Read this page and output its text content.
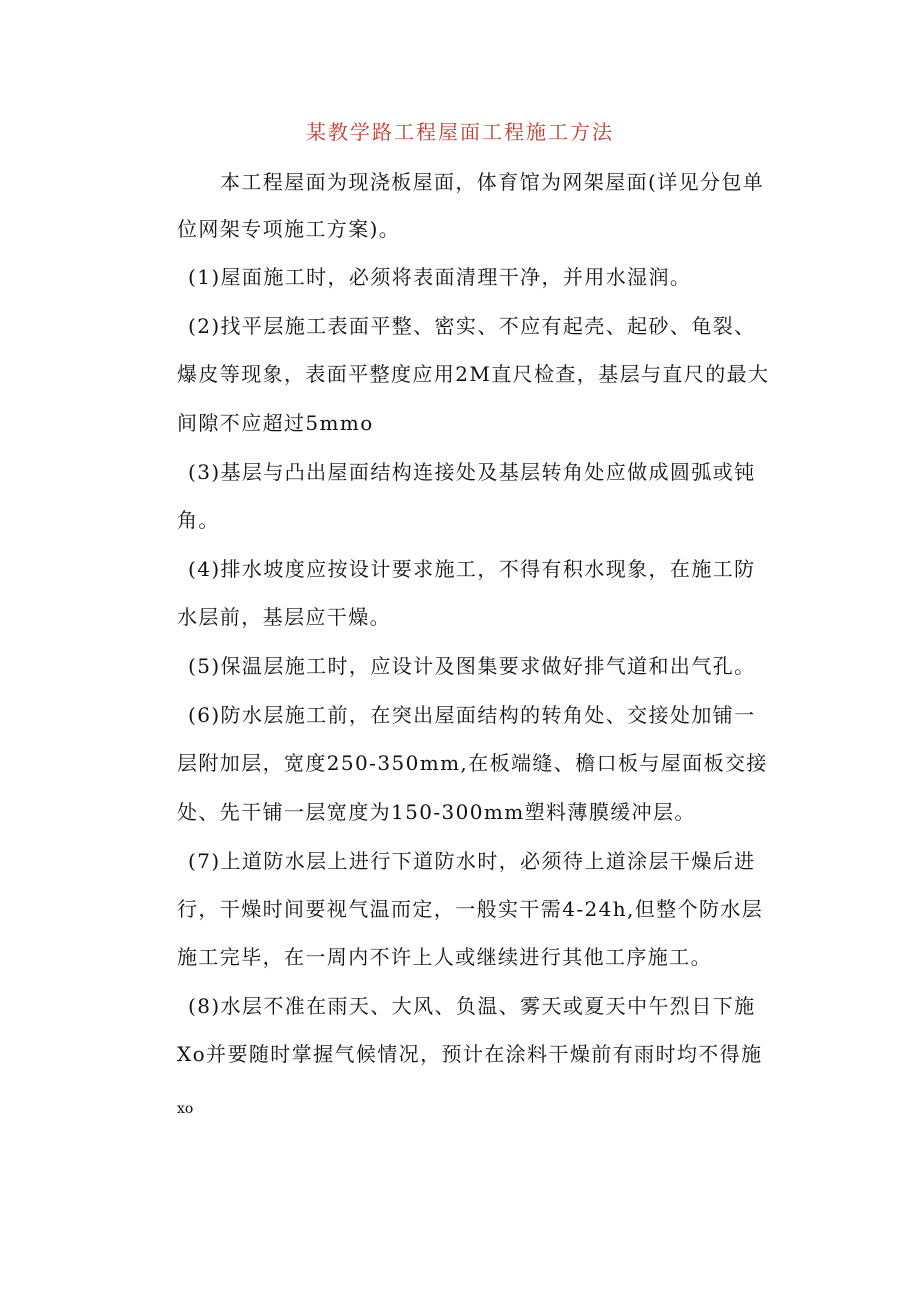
某教学路工程屋面工程施工方法
本工程屋面为现浇板屋面，体育馆为网架屋面(详见分包单
位网架专项施工方案)。
(1)屋面施工时，必须将表面清理干净，并用水湿润。
(2)找平层施工表面平整、密实、不应有起壳、起砂、龟裂、
爆皮等现象，表面平整度应用2M直尺检查，基层与直尺的最大
间隙不应超过5mmo
(3)基层与凸出屋面结构连接处及基层转角处应做成圆弧或钝
角。
(4)排水坡度应按设计要求施工，不得有积水现象，在施工防
水层前，基层应干燥。
(5)保温层施工时，应设计及图集要求做好排气道和出气孔。
(6)防水层施工前，在突出屋面结构的转角处、交接处加铺一
层附加层，宽度250-350mm,在板端缝、檐口板与屋面板交接
处、先干铺一层宽度为150-300mm塑料薄膜缓冲层。
(7)上道防水层上进行下道防水时，必须待上道涂层干燥后进
行，干燥时间要视气温而定，一般实干需4-24h,但整个防水层
施工完毕，在一周内不许上人或继续进行其他工序施工。
(8)水层不准在雨天、大风、负温、雾天或夏天中午烈日下施
Xo并要随时掌握气候情况，预计在涂料干燥前有雨时均不得施
xo
